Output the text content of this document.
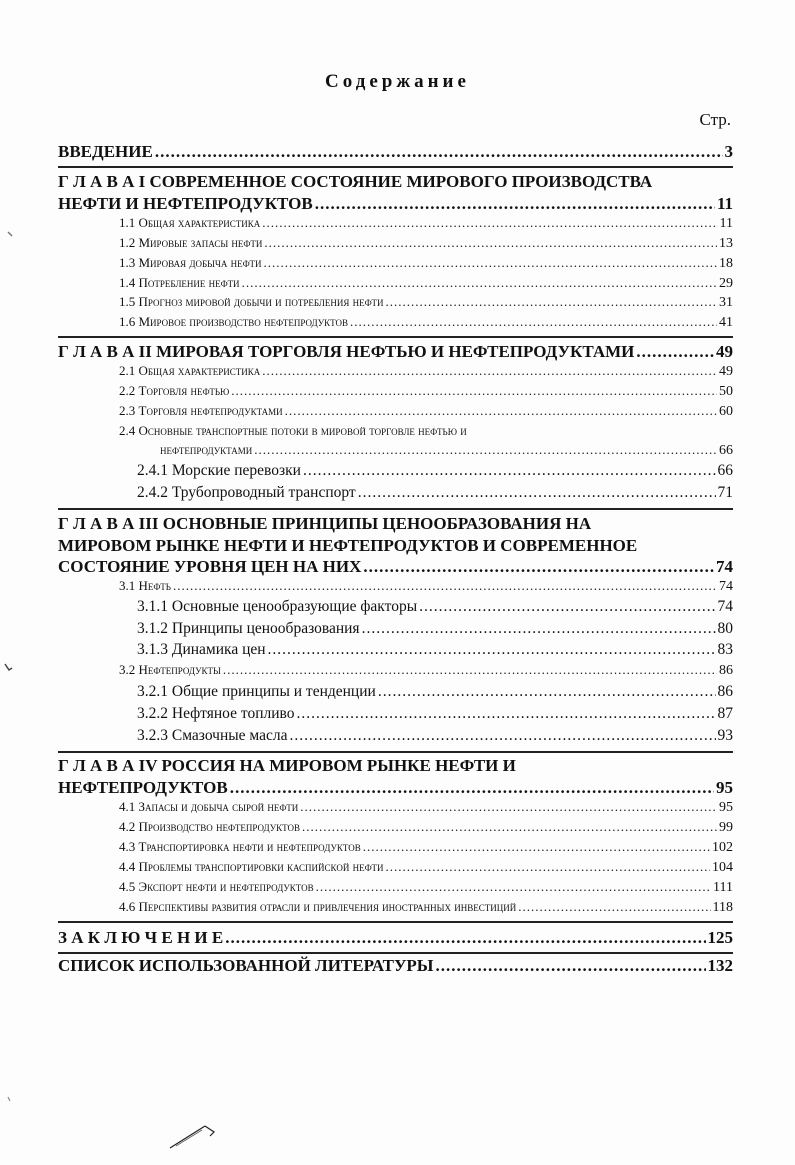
Содержание
Стр.
ВВЕДЕНИЕ .....	3
Г Л А В А I СОВРЕМЕННОЕ СОСТОЯНИЕ МИРОВОГО ПРОИЗВОДСТВА
НЕФТИ И НЕФТЕПРОДУКТОВ .....	11
1.1 Общая характеристика .....	11
1.2 Мировые запасы нефти .....	13
1.3 Мировая добыча нефти .....	18
1.4 Потребление нефти .....	29
1.5 Прогноз мировой добычи и потребления нефти .....	31
1.6 Мировое производство нефтепродуктов .....	41
Г Л А В А II МИРОВАЯ ТОРГОВЛЯ НЕФТЬЮ И НЕФТЕПРОДУКТАМИ .....	49
2.1 Общая характеристика .....	49
2.2 Торговля нефтью .....	50
2.3 Торговля нефтепродуктами .....	60
2.4 Основные транспортные потоки в мировой торговле нефтью и
нефтепродуктами .....	66
2.4.1 Морские перевозки .....	66
2.4.2 Трубопроводный транспорт .....	71
Г Л А В А III ОСНОВНЫЕ ПРИНЦИПЫ ЦЕНООБРАЗОВАНИЯ НА
МИРОВОМ РЫНКЕ НЕФТИ И НЕФТЕПРОДУКТОВ И СОВРЕМЕННОЕ
СОСТОЯНИЕ УРОВНЯ ЦЕН НА НИХ .....	74
3.1 Нефть .....	74
3.1.1 Основные ценообразующие факторы .....	74
3.1.2 Принципы ценообразования .....	80
3.1.3 Динамика цен .....	83
3.2 Нефтепродукты .....	86
3.2.1 Общие принципы и тенденции .....	86
3.2.2 Нефтяное топливо .....	87
3.2.3 Смазочные масла .....	93
Г Л А В А IV РОССИЯ НА МИРОВОМ РЫНКЕ НЕФТИ И
НЕФТЕПРОДУКТОВ .....	95
4.1 Запасы и добыча сырой нефти .....	95
4.2 Производство нефтепродуктов .....	99
4.3 Транспортировка нефти и нефтепродуктов .....	102
4.4 Проблемы транспортировки каспийской нефти .....	104
4.5 Экспорт нефти и нефтепродуктов .....	111
4.6 Перспективы развития отрасли и привлечения иностранных инвестиций .....	118
З А К Л Ю Ч Е Н И Е .....	125
СПИСОК ИСПОЛЬЗОВАННОЙ ЛИТЕРАТУРЫ .....	132
